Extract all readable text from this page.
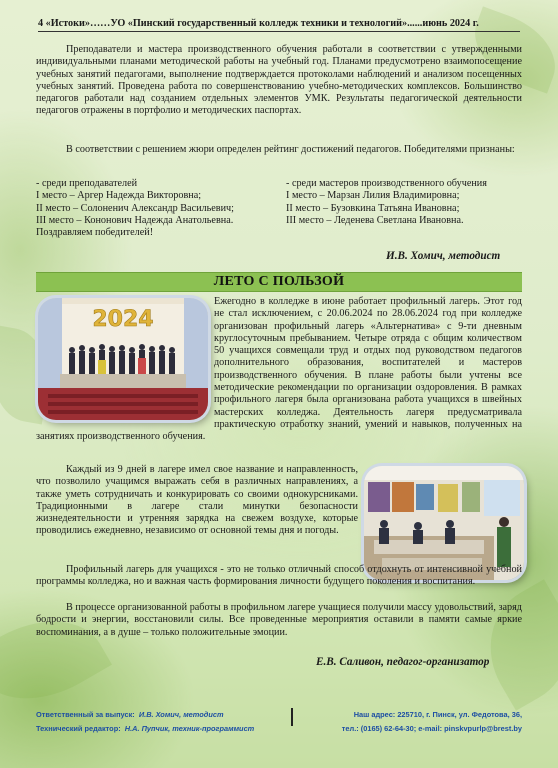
4 «Истоки»……УО «Пинский государственный колледж техники и технологий»......июнь 2024 г.
Преподаватели и мастера производственного обучения работали в соответствии с утвержденными индивидуальными планами методической работы на учебный год. Планами предусмотрено взаимопосещение учебных занятий педагогами, выполнение подтверждается протоколами наблюдений и анализом посещенных учебных занятий. Проведена работа по совершенствованию учебно-методических комплексов. Большинство педагогов работали над созданием отдельных элементов УМК. Результаты педагогической деятельности педагогов отражены в портфолио и методических паспортах.
В соответствии с решением жюри определен рейтинг достижений педагогов. Победителями признаны:
- среди преподавателей
I место – Аргер Надежда Викторовна;
II место – Солоненич Александр Васильевич;
III место – Кононович Надежда Анатольевна.
Поздравляем победителей!
- среди мастеров производственного обучения
I место – Марзан Лилия Владимировна;
II место – Бузовкина Татьяна Ивановна;
III место – Леденева Светлана Ивановна.
И.В. Хомич, методист
ЛЕТО С ПОЛЬЗОЙ
2024
Ежегодно в колледже в июне работает профильный лагерь. Этот год не стал исключением, с 20.06.2024 по 28.06.2024 год при колледже организован профильный лагерь «Альтернатива» с 9-ти дневным круглосуточным пребыванием. Четыре отряда с общим количеством 50 учащихся совмещали труд и отдых под руководством педагогов дополнительного образования, воспитателей и мастеров производственного обучения. В плане работы были учтены все методические рекомендации по организации оздоровления. В рамках профильного лагеря была организована работа учащихся в швейных мастерских колледжа. Деятельность лагеря предусматривала практическую отработку знаний, умений и навыков, полученных на занятиях производственного обучения.
Каждый из 9 дней в лагере имел свое название и направленность, что позволило учащимся выражать себя в различных направлениях, а также уметь сотрудничать и конкурировать со своими однокурсниками. Традиционными в лагере стали минутки безопасности жизнедеятельности и утренняя зарядка на свежем воздухе, которые проводились ежедневно, независимо от основной темы дня и погоды.
Профильный лагерь для учащихся - это не только отличный способ отдохнуть от интенсивной учебной программы колледжа, но и важная часть формирования личности будущего поколения и воспитания.
В процессе организованной работы в профильном лагере учащиеся получили массу удовольствий, заряд бодрости и энергии, восстановили силы. Все проведенные мероприятия оставили в памяти самые яркие воспоминания, а в душе – только положительные эмоции.
Е.В. Саливон, педагог-организатор
Ответственный за выпуск: И.В. Хомич, методист
Технический редактор: Н.А. Пупчик, техник-программист
Наш адрес: 225710, г. Пинск, ул. Федотова, 36,
тел.: (0165) 62-64-30; e-mail: pinskvpurlp@brest.by
